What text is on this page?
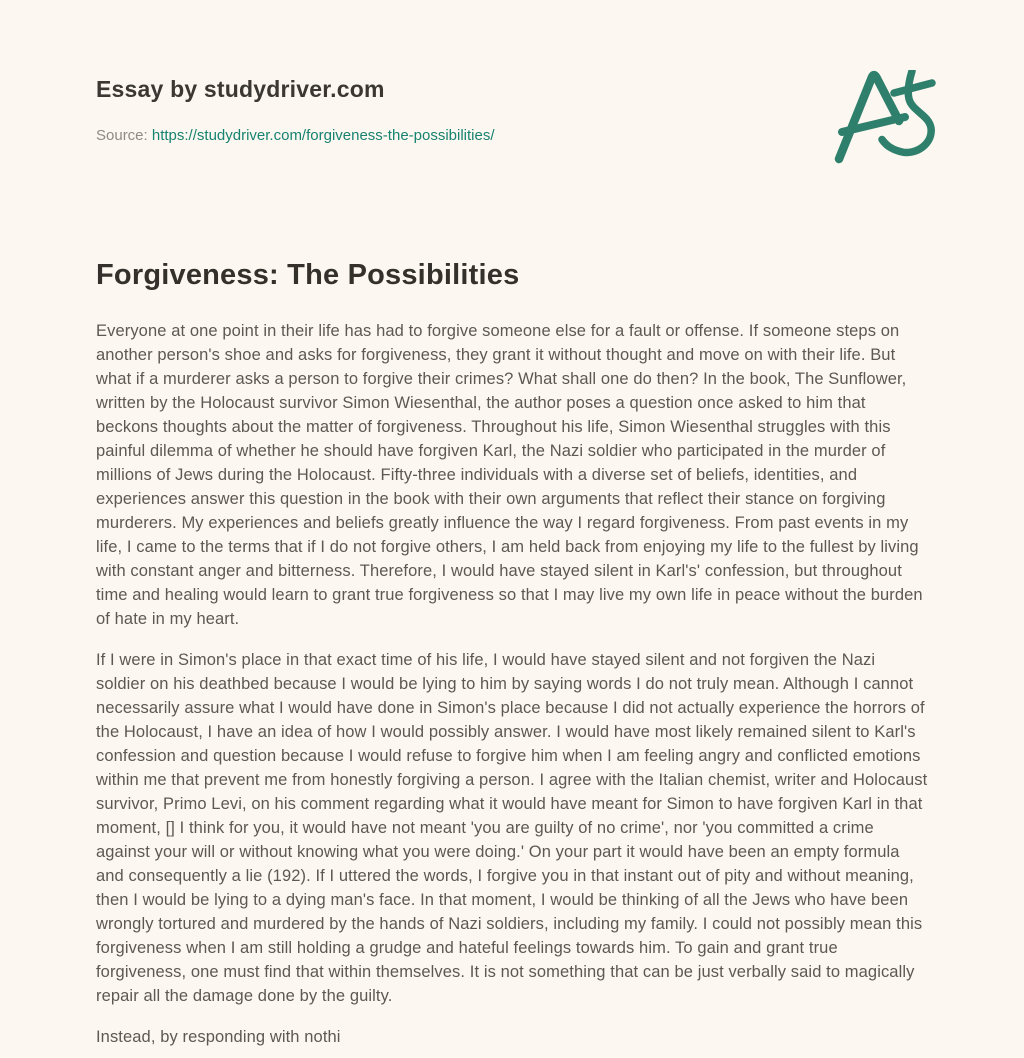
Essay by studydriver.com
Source: https://studydriver.com/forgiveness-the-possibilities/
Forgiveness: The Possibilities

Everyone at one point in their life has had to forgive someone else for a fault or offense. If someone steps on another person's shoe and asks for forgiveness, they grant it without thought and move on with their life. But what if a murderer asks a person to forgive their crimes? What shall one do then? In the book, The Sunflower, written by the Holocaust survivor Simon Wiesenthal, the author poses a question once asked to him that beckons thoughts about the matter of forgiveness. Throughout his life, Simon Wiesenthal struggles with this painful dilemma of whether he should have forgiven Karl, the Nazi soldier who participated in the murder of millions of Jews during the Holocaust. Fifty-three individuals with a diverse set of beliefs, identities, and experiences answer this question in the book with their own arguments that reflect their stance on forgiving murderers. My experiences and beliefs greatly influence the way I regard forgiveness. From past events in my life, I came to the terms that if I do not forgive others, I am held back from enjoying my life to the fullest by living with constant anger and bitterness. Therefore, I would have stayed silent in Karl's' confession, but throughout time and healing would learn to grant true forgiveness so that I may live my own life in peace without the burden of hate in my heart.

If I were in Simon's place in that exact time of his life, I would have stayed silent and not forgiven the Nazi soldier on his deathbed because I would be lying to him by saying words I do not truly mean. Although I cannot necessarily assure what I would have done in Simon's place because I did not actually experience the horrors of the Holocaust, I have an idea of how I would possibly answer. I would have most likely remained silent to Karl's confession and question because I would refuse to forgive him when I am feeling angry and conflicted emotions within me that prevent me from honestly forgiving a person. I agree with the Italian chemist, writer and Holocaust survivor, Primo Levi, on his comment regarding what it would have meant for Simon to have forgiven Karl in that moment, [] I think for you, it would have not meant 'you are guilty of no crime', nor 'you committed a crime against your will or without knowing what you were doing.' On your part it would have been an empty formula and consequently a lie (192). If I uttered the words, I forgive you in that instant out of pity and without meaning, then I would be lying to a dying man's face. In that moment, I would be thinking of all the Jews who have been wrongly tortured and murdered by the hands of Nazi soldiers, including my family. I could not possibly mean this forgiveness when I am still holding a grudge and hateful feelings towards him. To gain and grant true forgiveness, one must find that within themselves. It is not something that can be just verbally said to magically repair all the damage done by the guilty.

Instead, by responding with nothi
